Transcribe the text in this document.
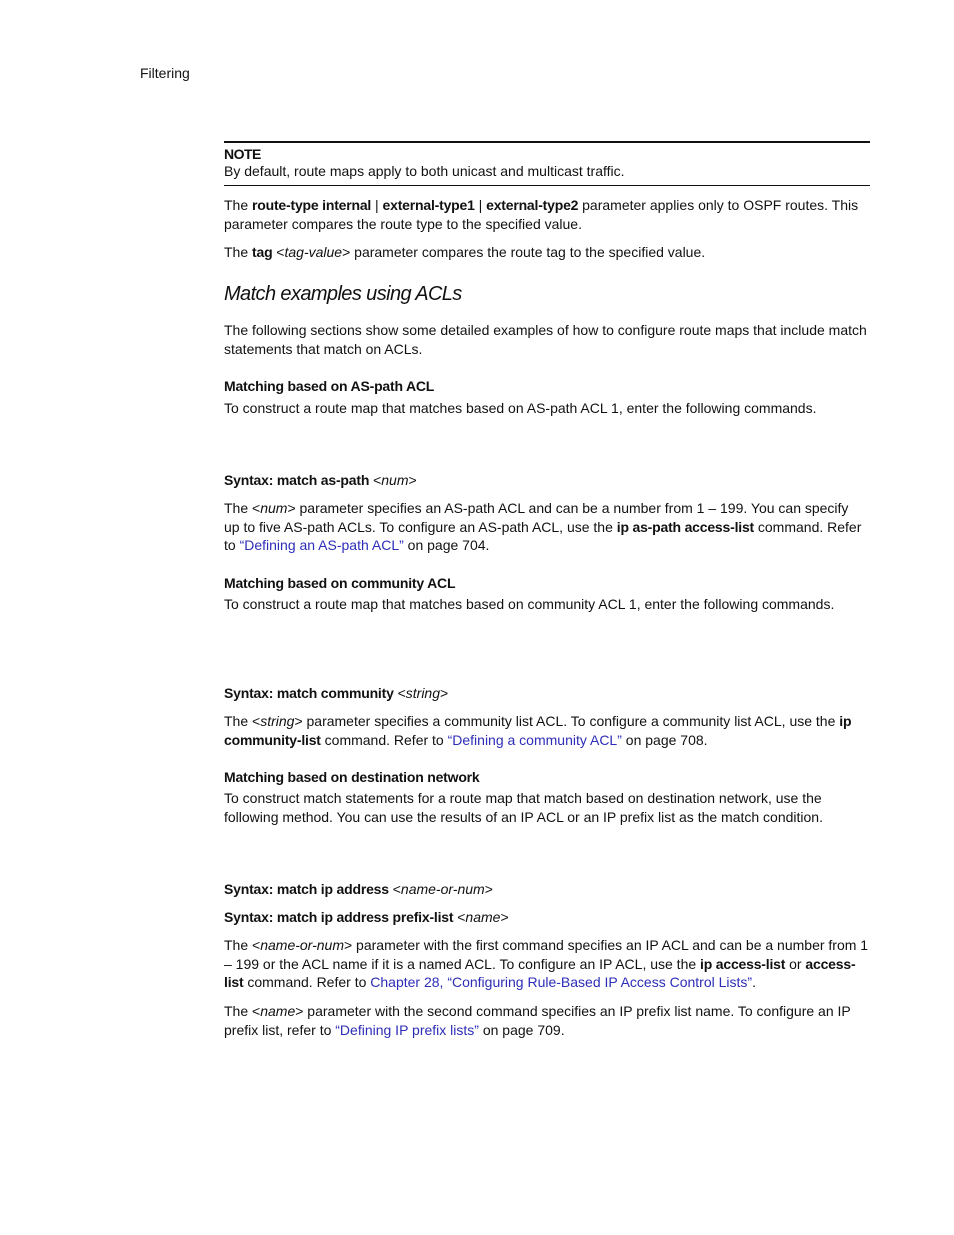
Filtering
NOTE
By default, route maps apply to both unicast and multicast traffic.

The route-type internal | external-type1 | external-type2 parameter applies only to OSPF routes. This parameter compares the route type to the specified value.

The tag <tag-value> parameter compares the route tag to the specified value.

Match examples using ACLs

The following sections show some detailed examples of how to configure route maps that include match statements that match on ACLs.

Matching based on AS-path ACL

To construct a route map that matches based on AS-path ACL 1, enter the following commands.

Syntax: match as-path <num>

The <num> parameter specifies an AS-path ACL and can be a number from 1 – 199. You can specify up to five AS-path ACLs. To configure an AS-path ACL, use the ip as-path access-list command. Refer to “Defining an AS-path ACL” on page 704.

Matching based on community ACL

To construct a route map that matches based on community ACL 1, enter the following commands.

Syntax: match community <string>

The <string> parameter specifies a community list ACL. To configure a community list ACL, use the ip community-list command. Refer to “Defining a community ACL” on page 708.

Matching based on destination network

To construct match statements for a route map that match based on destination network, use the following method. You can use the results of an IP ACL or an IP prefix list as the match condition.

Syntax: match ip address <name-or-num>

Syntax: match ip address prefix-list <name>

The <name-or-num> parameter with the first command specifies an IP ACL and can be a number from 1 – 199 or the ACL name if it is a named ACL. To configure an IP ACL, use the ip access-list or access-list command. Refer to Chapter 28, “Configuring Rule-Based IP Access Control Lists”.

The <name> parameter with the second command specifies an IP prefix list name. To configure an IP prefix list, refer to “Defining IP prefix lists” on page 709.
